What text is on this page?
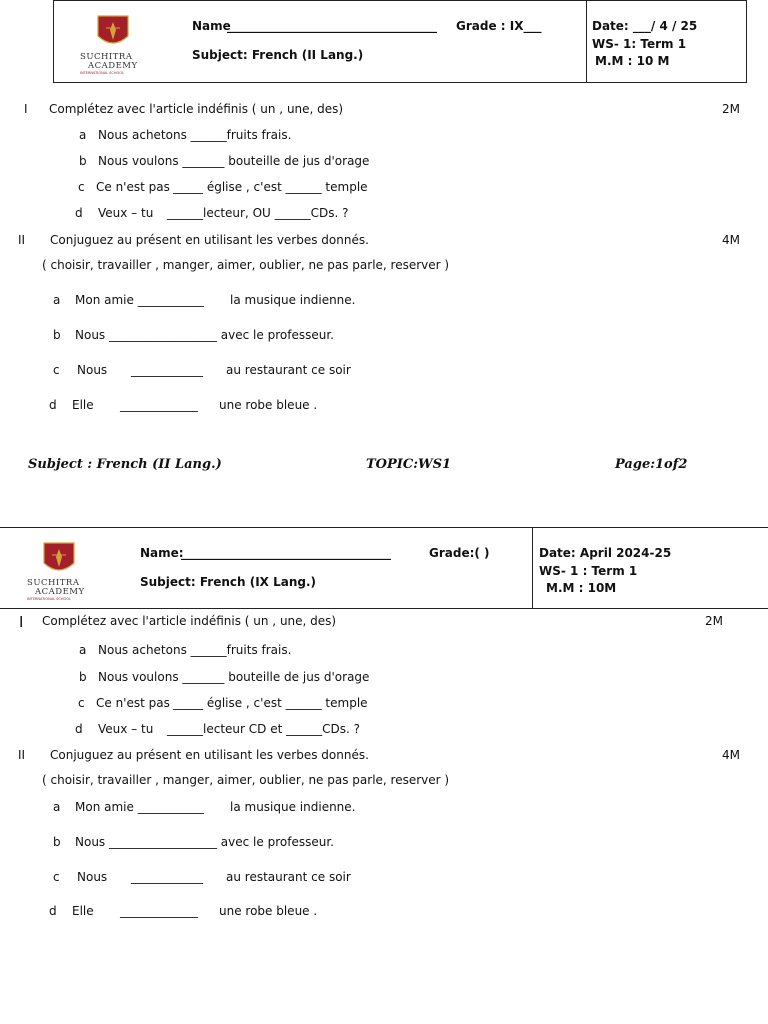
SUCHITRA
ACADEMY
INTERNATIONAL SCHOOL
Name
___________________________________	Grade : IX___
Subject: French (II Lang.)
Date: ___/ 4 / 25
WS- 1: Term 1
M.M : 10 M
I Complétez avec l'article indéfinis ( un , une, des)	2M
a Nous achetons ______fruits frais.
b Nous voulons _______ bouteille de jus d'orage
c Ce n'est pas _____ église , c'est ______ temple
d Veux – tu ______lecteur, OU ______CDs. ?
II Conjuguez au présent en utilisant les verbes donnés.	4M
( choisir, travailler , manger, aimer, oublier, ne pas parle, reserver )
a Mon amie ___________ la musique indienne.
b Nous __________________ avec le professeur.
c Nous ____________ au restaurant ce soir
d Elle _____________ une robe bleue .
Subject : French (II Lang.)	TOPIC:WS1	Page:1of2
SUCHITRA
ACADEMY
INTERNATIONAL SCHOOL
Name:
___________________________________	Grade:( )
Subject: French (IX Lang.)
Date: April 2024-25
WS- 1 : Term 1
M.M : 10M
I Complétez avec l'article indéfinis ( un , une, des)	2M
a Nous achetons ______fruits frais.
b Nous voulons _______ bouteille de jus d'orage
c Ce n'est pas _____ église , c'est ______ temple
d Veux – tu ______lecteur CD et ______CDs. ?
II Conjuguez au présent en utilisant les verbes donnés.	4M
( choisir, travailler , manger, aimer, oublier, ne pas parle, reserver )
a Mon amie ___________ la musique indienne.
b Nous __________________ avec le professeur.
c Nous ____________ au restaurant ce soir
d Elle _____________ une robe bleue .
